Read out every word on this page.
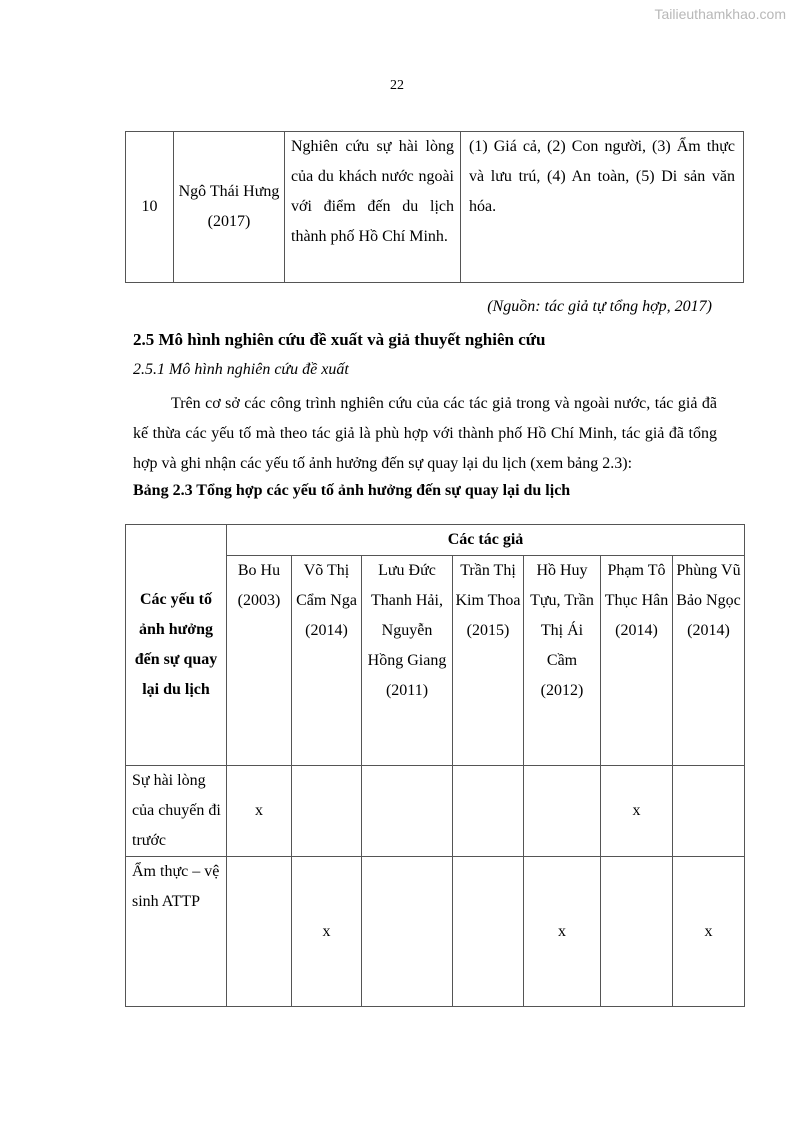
Tailieuthamkhao.com
22
10	Ngô Thái Hưng (2017)	Nghiên cứu sự hài lòng của du khách nước ngoài với điểm đến du lịch thành phố Hồ Chí Minh.	(1) Giá cả, (2) Con người, (3) Ẩm thực và lưu trú, (4) An toàn, (5) Di sản văn hóa.
(Nguồn: tác giả tự tổng hợp, 2017)
2.5 Mô hình nghiên cứu đề xuất và giả thuyết nghiên cứu
2.5.1 Mô hình nghiên cứu đề xuất

Trên cơ sở các công trình nghiên cứu của các tác giả trong và ngoài nước, tác giả đã kế thừa các yếu tố mà theo tác giả là phù hợp với thành phố Hồ Chí Minh, tác giả đã tổng hợp và ghi nhận các yếu tố ảnh hưởng đến sự quay lại du lịch (xem bảng 2.3):

Bảng 2.3 Tổng hợp các yếu tố ảnh hưởng đến sự quay lại du lịch
Các yếu tố ảnh hưởng đến sự quay lại du lịch	Các tác giả						
	Bo Hu (2003)	Võ Thị Cẩm Nga (2014)	Lưu Đức Thanh Hải, Nguyễn Hồng Giang (2011)	Trần Thị Kim Thoa (2015)	Hồ Huy Tựu, Trần Thị Ái Cầm (2012)	Phạm Tô Thục Hân (2014)	Phùng Vũ Bảo Ngọc (2014)
Sự hài lòng của chuyến đi trước	x					x	
Ẩm thực – vệ sinh ATTP		x			x		x
